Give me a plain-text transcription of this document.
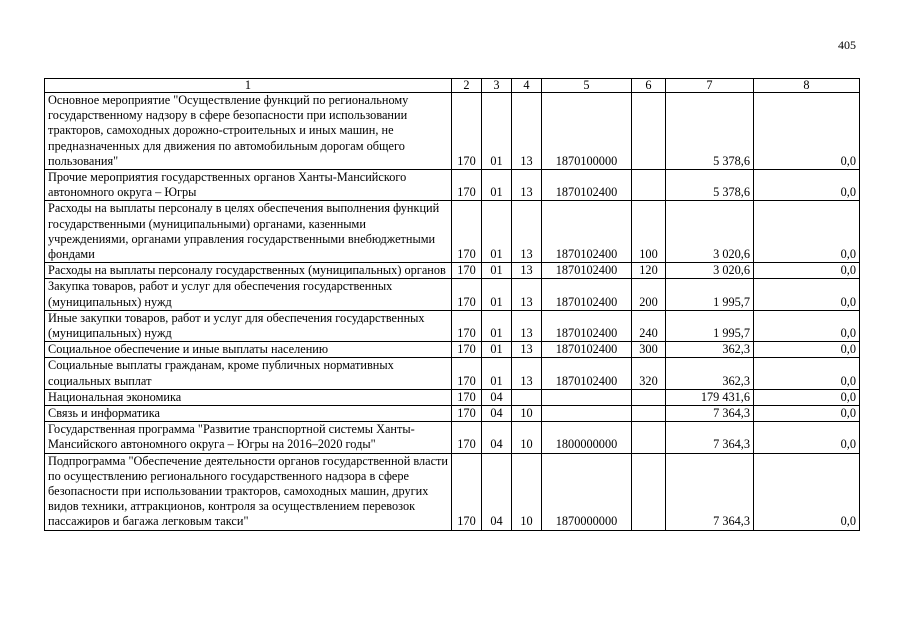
405
1	2	3	4	5	6	7	8
Основное мероприятие "Осуществление функций по региональному государственному надзору в сфере безопасности при использовании тракторов, самоходных дорожно-строительных и иных машин, не предназначенных для движения по автомобильным дорогам общего пользования"	170	01	13	1870100000		5 378,6	0,0
Прочие мероприятия государственных органов Ханты-Мансийского автономного округа – Югры	170	01	13	1870102400		5 378,6	0,0
Расходы на выплаты персоналу в целях обеспечения выполнения функций государственными (муниципальными) органами, казенными учреждениями, органами управления государственными внебюджетными фондами	170	01	13	1870102400	100	3 020,6	0,0
Расходы на выплаты персоналу государственных (муниципальных) органов	170	01	13	1870102400	120	3 020,6	0,0
Закупка товаров, работ и услуг для обеспечения государственных (муниципальных) нужд	170	01	13	1870102400	200	1 995,7	0,0
Иные закупки товаров, работ и услуг для обеспечения государственных (муниципальных) нужд	170	01	13	1870102400	240	1 995,7	0,0
Социальное обеспечение и иные выплаты населению	170	01	13	1870102400	300	362,3	0,0
Социальные выплаты гражданам, кроме публичных нормативных социальных выплат	170	01	13	1870102400	320	362,3	0,0
Национальная экономика	170	04				179 431,6	0,0
Связь и информатика	170	04	10			7 364,3	0,0
Государственная программа "Развитие транспортной системы Ханты-Мансийского автономного округа – Югры на 2016–2020 годы"	170	04	10	1800000000		7 364,3	0,0
Подпрограмма "Обеспечение деятельности органов государственной власти по осуществлению регионального государственного надзора в сфере безопасности при использовании тракторов, самоходных машин, других видов техники, аттракционов, контроля за осуществлением перевозок пассажиров и багажа легковым такси"	170	04	10	1870000000		7 364,3	0,0
